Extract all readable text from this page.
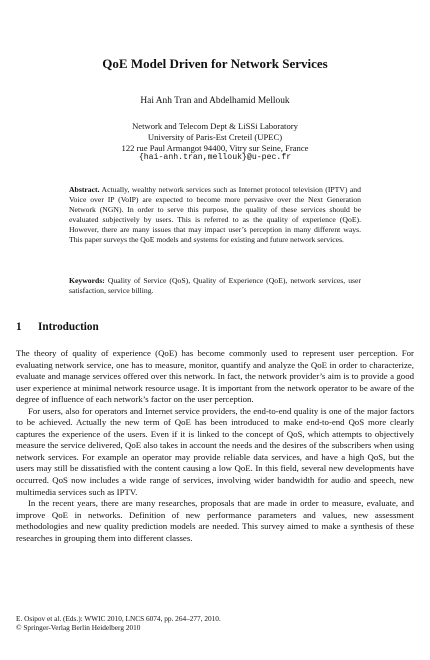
QoE Model Driven for Network Services
Hai Anh Tran and Abdelhamid Mellouk
Network and Telecom Dept & LiSSi Laboratory
University of Paris-Est Creteil (UPEC)
122 rue Paul Armangot 94400, Vitry sur Seine, France
{hai-anh.tran,mellouk}@u-pec.fr
Abstract. Actually, wealthy network services such as Internet protocol television (IPTV) and Voice over IP (VoIP) are expected to become more pervasive over the Next Generation Network (NGN). In order to serve this purpose, the quality of these services should be evaluated subjectively by users. This is referred to as the quality of experience (QoE). However, there are many issues that may impact user’s perception in many different ways. This paper surveys the QoE models and systems for existing and future network services.
Keywords: Quality of Service (QoS), Quality of Experience (QoE), network services, user satisfaction, service billing.
1 Introduction

The theory of quality of experience (QoE) has become commonly used to represent user perception. For evaluating network service, one has to measure, monitor, quantify and analyze the QoE in order to characterize, evaluate and manage services offered over this network. In fact, the network provider’s aim is to provide a good user experience at minimal network resource usage. It is important from the network operator to be aware of the degree of influence of each network’s factor on the user perception.

For users, also for operators and Internet service providers, the end-to-end quality is one of the major factors to be achieved. Actually the new term of QoE has been introduced to make end-to-end QoS more clearly captures the experience of the users. Even if it is linked to the concept of QoS, which attempts to objectively measure the service delivered, QoE also takes in account the needs and the desires of the subscribers when using network services. For example an operator may provide reliable data services, and have a high QoS, but the users may still be dissatisfied with the content causing a low QoE. In this field, several new developments have occurred. QoS now includes a wide range of services, involving wider bandwidth for audio and speech, new multimedia services such as IPTV.

In the recent years, there are many researches, proposals that are made in order to measure, evaluate, and improve QoE in networks. Definition of new performance parameters and values, new assessment methodologies and new quality prediction models are needed. This survey aimed to make a synthesis of these researches in grouping them into different classes.

E. Osipov et al. (Eds.): WWIC 2010, LNCS 6074, pp. 264–277, 2010.
© Springer-Verlag Berlin Heidelberg 2010
